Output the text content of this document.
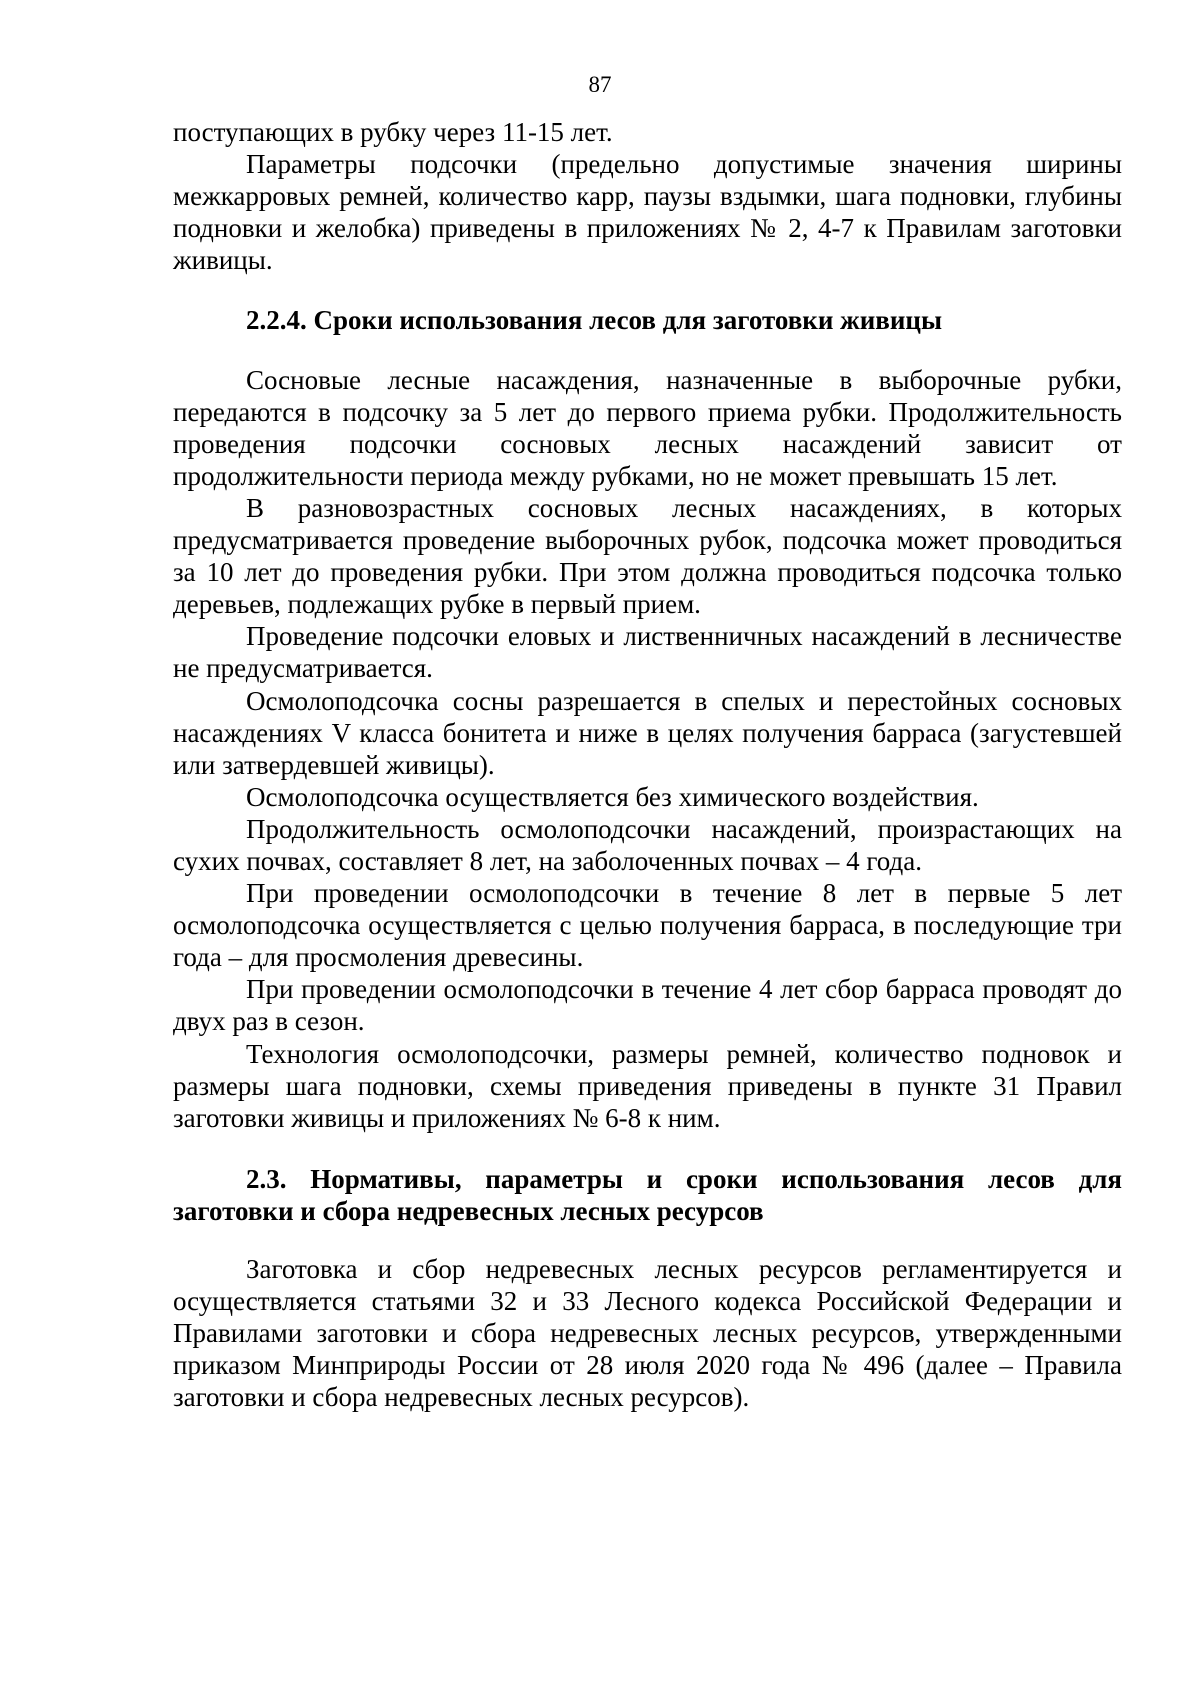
87

поступающих в рубку через 11-15 лет.

Параметры подсочки (предельно допустимые значения ширины межкарровых ремней, количество карр, паузы вздымки, шага подновки, глубины подновки и желобка) приведены в приложениях № 2, 4-7 к Правилам заготовки живицы.

2.2.4. Сроки использования лесов для заготовки живицы

Сосновые лесные насаждения, назначенные в выборочные рубки, передаются в подсочку за 5 лет до первого приема рубки. Продолжительность проведения подсочки сосновых лесных насаждений зависит от продолжительности периода между рубками, но не может превышать 15 лет.

В разновозрастных сосновых лесных насаждениях, в которых предусматривается проведение выборочных рубок, подсочка может проводиться за 10 лет до проведения рубки. При этом должна проводиться подсочка только деревьев, подлежащих рубке в первый прием.

Проведение подсочки еловых и лиственничных насаждений в лесничестве не предусматривается.

Осмолоподсочка сосны разрешается в спелых и перестойных сосновых насаждениях V класса бонитета и ниже в целях получения барраса (загустевшей или затвердевшей живицы).

Осмолоподсочка осуществляется без химического воздействия.

Продолжительность осмолоподсочки насаждений, произрастающих на сухих почвах, составляет 8 лет, на заболоченных почвах – 4 года.

При проведении осмолоподсочки в течение 8 лет в первые 5 лет осмолоподсочка осуществляется с целью получения барраса, в последующие три года – для просмоления древесины.

При проведении осмолоподсочки в течение 4 лет сбор барраса проводят до двух раз в сезон.

Технология осмолоподсочки, размеры ремней, количество подновок и размеры шага подновки, схемы приведения приведены в пункте 31 Правил заготовки живицы и приложениях № 6-8 к ним.

2.3. Нормативы, параметры и сроки использования лесов для заготовки и сбора недревесных лесных ресурсов

Заготовка и сбор недревесных лесных ресурсов регламентируется и осуществляется статьями 32 и 33 Лесного кодекса Российской Федерации и Правилами заготовки и сбора недревесных лесных ресурсов, утвержденными приказом Минприроды России от 28 июля 2020 года № 496 (далее – Правила заготовки и сбора недревесных лесных ресурсов).
